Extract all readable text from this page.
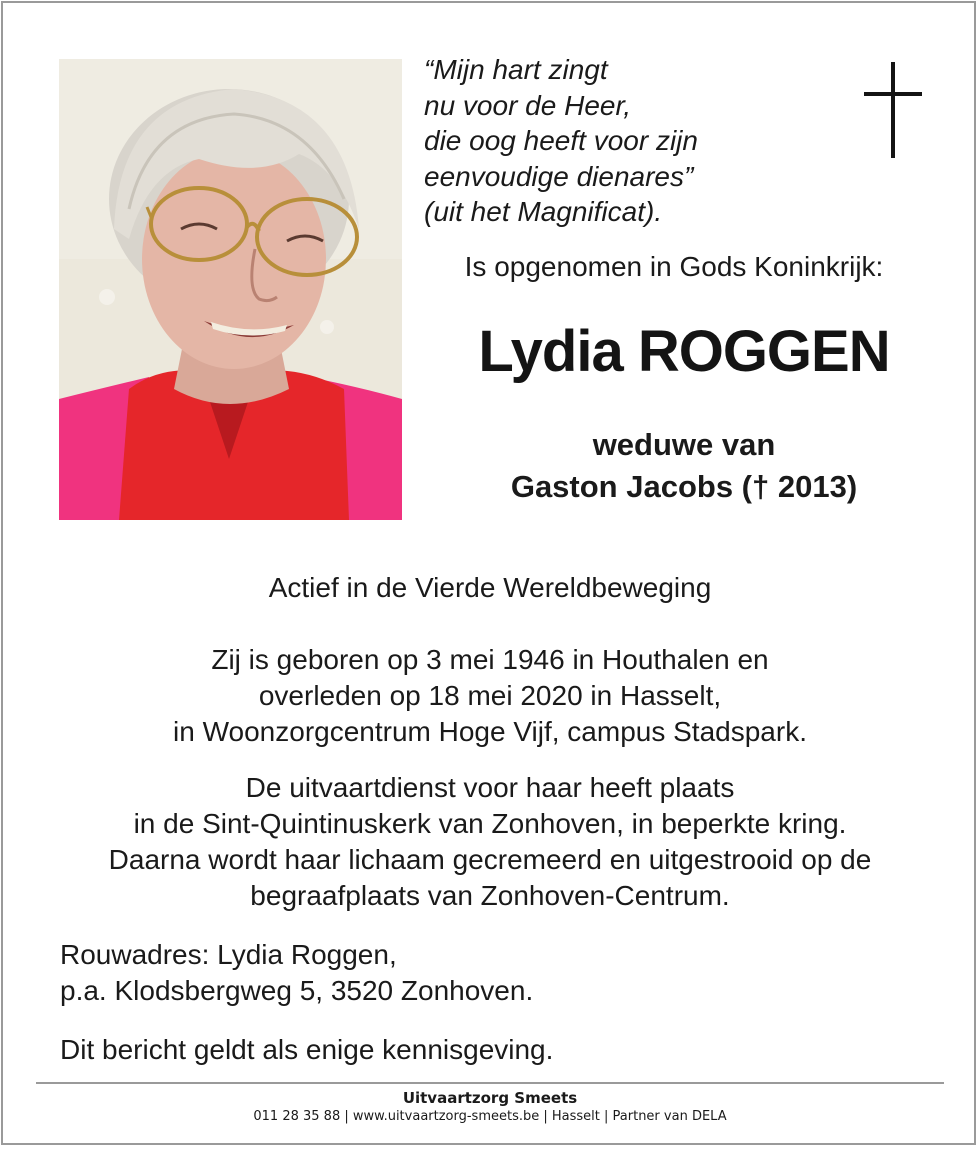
“Mijn hart zingt
nu voor de Heer,
die oog heeft voor zijn
eenvoudige dienares”
(uit het Magnificat).
Is opgenomen in Gods Koninkrijk:
Lydia ROGGEN
weduwe van
Gaston Jacobs († 2013)
Actief in de Vierde Wereldbeweging
Zij is geboren op 3 mei 1946 in Houthalen en
overleden op 18 mei 2020 in Hasselt,
in Woonzorgcentrum Hoge Vijf, campus Stadspark.
De uitvaartdienst voor haar heeft plaats
in de Sint-Quintinuskerk van Zonhoven, in beperkte kring.
Daarna wordt haar lichaam gecremeerd en uitgestrooid op de
begraafplaats van Zonhoven-Centrum.
Rouwadres: Lydia Roggen,
p.a. Klodsbergweg 5, 3520 Zonhoven.
Dit bericht geldt als enige kennisgeving.
Uitvaartzorg Smeets
011 28 35 88 | www.uitvaartzorg-smeets.be | Hasselt | Partner van DELA
